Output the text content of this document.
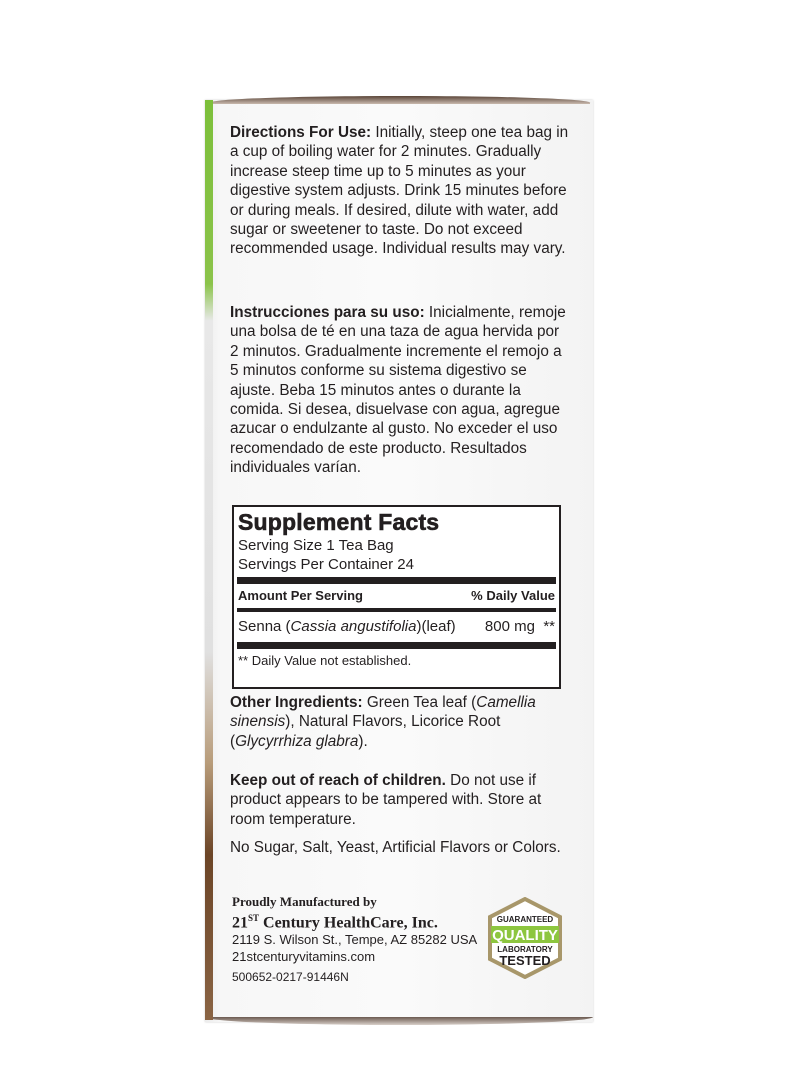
Directions For Use: Initially, steep one tea bag in a cup of boiling water for 2 minutes. Gradually increase steep time up to 5 minutes as your digestive system adjusts. Drink 15 minutes before or during meals. If desired, dilute with water, add sugar or sweetener to taste. Do not exceed recommended usage. Individual results may vary.
Instrucciones para su uso: Inicialmente, remoje una bolsa de té en una taza de agua hervida por 2 minutos. Gradualmente incremente el remojo a 5 minutos conforme su sistema digestivo se ajuste. Beba 15 minutos antes o durante la comida. Si desea, disuelvase con agua, agregue azucar o endulzante al gusto. No exceder el uso recomendado de este producto. Resultados individuales varían.
Supplement Facts
Serving Size 1 Tea Bag
Servings Per Container 24
Amount Per Serving	% Daily Value
Senna (Cassia angustifolia)(leaf) 800 mg **
** Daily Value not established.
Other Ingredients: Green Tea leaf (Camellia sinensis), Natural Flavors, Licorice Root (Glycyrrhiza glabra).
Keep out of reach of children. Do not use if product appears to be tampered with. Store at room temperature.
No Sugar, Salt, Yeast, Artificial Flavors or Colors.
Proudly Manufactured by
21ST Century HealthCare, Inc.
2119 S. Wilson St., Tempe, AZ 85282 USA
21stcenturyvitamins.com
500652-0217-91446N
GUARANTEED
QUALITY
LABORATORY
TESTED
